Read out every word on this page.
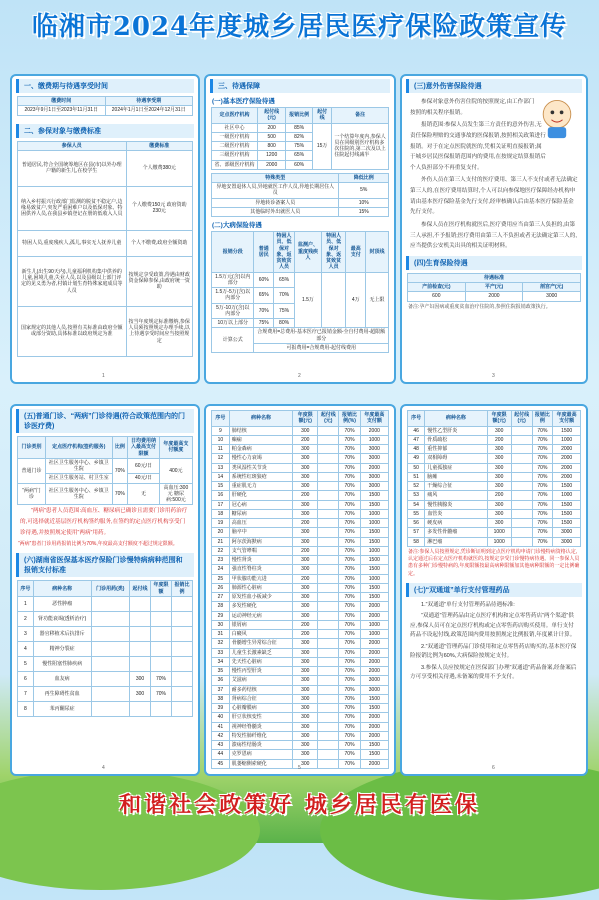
临湘市2024年度城乡居民医疗保险政策宣传
一、缴费期与待遇享受时间
缴费时间	待遇享受期
2023年9月1日至2023年11月31日	2024年1月1日至2024年12月31日
二、参保对象与缴费标准
参保人员	缴费标准
普通居民,符合全国统筹地区在县(市)以外办理户籍的新生儿,在校学生	个人缴费380元
纳入乡村振兴行政部门监测的脱贫不稳定户,边缘易致贫户,突发严重困难户以及低保对象、特困供养人员,在我县乡镇登记在册的低收入人员	个人缴费150元 政府资助230元
特困人员,重度残疾人,孤儿,事实无人抚养儿童	个人不缴费,政府全额资助
新生儿(出生90天内),儿童福利机构集中供养的儿童,困境儿童,失业人员,以及县级以上部门评定的见义勇为者,村镇计划生育特殊家庭成员等人员	按规定享受政策,待遇由财政资金保障参保,由政府统一资助
国家规定的其他人员,按照有关标准由政府全额或部分资助,具体标准以政府规定为准	按当年度规定标准缴纳,参保人员须按照规定办理手续,以上待遇享受时间应当按照规定
1
三、待遇保障
(一)基本医疗保险待遇
定点医疗机构	起付线(元)	报销比例	起付线	备注
社区中心	200	85%	15万	一个结算年度内,参保人员在同级别医疗机构多次住院的,第二次及以上住院起付线减半
一级医疗机构	500	82%		
二级医疗机构	800	75%		
三级医疗机构	1200	65%		
省、部级医疗机构	2000	60%		
特殊类型	降低比例
异地安置退休人员,异地就医工作人员,异地长期居住人员	5%
异地转诊备案人员	10%
其他临时外出就医人员	15%
(二)大病保险待遇
报销分段	普通居民	特困人员、低保对象、返贫致贫人员	监测户、重度残疾人	特困人员、低保对象、返贫致贫人员	最高支付	封顶线
1.5万元(含)以内部分	60%	65%	1.5万		4万	无上限
1.5万-5万(含)以内部分	65%	70%				
5万-10万(含)以内部分	70%	75%				
10万以上部分	75%	80%				
计算公式	合规费用=总费用-基本医疗已报销金额-全自付费用-超限额部分					
	可报费用=合规费用-起付线费用					
2
(三)意外伤害保险待遇
参保对象意外伤害住院的按照规定,由工作部门按照的相关程序报销。
报销范围:参保人员发生第三方责任的意外伤害,无责任保险理赔的交通事故的医保报销,按照相关政策进行报销。对于在定点医院就医的,凭相关证明直接报销;属于城乡居民医保报销范围内的费用,在按规定结算报销后个人负担部分不再重复支付。
外伤人员在第三人支付的医疗费用、第三人不支付或者无法确定第三人的,在医疗费用结算时,个人可以向参保地医疗保障经办机构申请由基本医疗保险基金先行支付,经审核确认后由基本医疗保险基金先行支付。
参保人员在医疗机构就医后,医疗费用应当由第三人负担的,由第三人承担,不予报销;医疗费用由第三人不负担或者无法确定第三人的,应当提供公安机关出具的相关证明材料。
(四)生育保险待遇
待遇标准		
产前检查(元)	平产(元)	剖宫产(元)
600	2000	3000
备注:孕产妇因病或重度贫血治疗住院的,参照住院报销政策执行。
3
(五)普通门诊、“两病”门诊待遇(符合政策范围内的门诊医疗费)
门诊类别	定点医疗机构(签约服务)	比例	日均费用纳入最高支付限额	年度最高支付额度
普通门诊	社区卫生服务中心、乡镇卫生院	70%	60元/日	400元
	社区卫生服务站、村卫生室		40元/日	
“两病”门诊	社区卫生服务中心、乡镇卫生院	70%	无	高血压:300元 糖尿病:500元
“两病”患者人员范围:高血压、糖尿病已确诊且需要门诊用药治疗的,可选择就近基层医疗机构签约服务,在签约的定点医疗机构享受门诊待遇,并按照规定使用“两病”用药。
“两病”患者门诊用药报销比例为70%,年度最高支付额度不超过规定限额。
(六)湖南省医保基本医疗保险门诊慢特病病种范围和报销支付标准
序号	病种名称	门诊用药(类)	起付线	年度限额	报销比例
1	恶性肿瘤				
2	肾功能衰竭(透析治疗)				
3	器官移植术后抗排斥				
4	精神分裂症				
5	慢性阻塞性肺疾病				
6	血友病		300	70%	
7	再生障碍性贫血		300	70%	
8	苯丙酮尿症				
4
序号	病种名称	年度限额(元)	起付线(元)	报销比例(%)	年度最高支付额
9	肺结核	300		70%	2000
10	癫痫	200		70%	1000
11	帕金森病	300		70%	3000
12	慢性心力衰竭	300		70%	3000
13	类风湿性关节炎	300		70%	2000
14	系统性红斑狼疮	300		70%	3000
15	重症肌无力	300		70%	3000
16	肝硬化	200		70%	1500
17	冠心病	300		70%	1500
18	糖尿病	300		70%	1000
19	高血压	200		70%	1000
20	脑卒中	300		70%	1500
21	阿尔茨海默病	300		70%	1500
22	支气管哮喘	200		70%	1000
23	慢性肾炎	300		70%	1500
24	强直性脊柱炎	300		70%	1500
25	甲状腺功能亢进	200		70%	1000
26	肺源性心脏病	300		70%	1500
27	原发性血小板减少	300		70%	1500
28	多发性硬化	300		70%	2000
29	运动神经元病	300		70%	2000
30	银屑病	200		70%	1000
31	白癜风	200		70%	1000
32	骨髓增生异常综合征	300		70%	2000
33	儿童生长激素缺乏	300		70%	2000
34	先天性心脏病	300		70%	2000
35	慢性丙型肝炎	300		70%	2000
36	艾滋病	300		70%	3000
37	耐多药结核	300		70%	3000
38	肾病综合征	300		70%	1500
39	心脏瓣膜病	300		70%	1500
40	肝豆状核变性	300		70%	2000
41	视神经脊髓炎	300		70%	2000
42	特发性肺纤维化	300		70%	2000
43	溃疡性结肠炎	300		70%	1500
44	克罗恩病	300		70%	1500
45	肌萎缩侧索硬化	300		70%	2000
5
序号	病种名称	年度限额(元)	起付线(元)	报销比例	年度最高支付额
46	慢性乙型肝炎	300		70%	1500
47	骨质疏松	200		70%	1000
48	重性抑郁	300		70%	2000
49	双相障碍	300		70%	2000
50	儿童孤独症	300		70%	2000
51	脑瘫	300		70%	2000
52	干燥综合征	300		70%	1500
53	痛风	200		70%	1000
54	慢性胰腺炎	300		70%	1500
55	血管炎	300		70%	1500
56	硬皮病	300		70%	1500
57	多发性骨髓瘤	1000		70%	3000
58	淋巴瘤	1000		70%	3000
备注:参保人员按照规定,凭诊断证明到定点医疗机构申请门诊慢特病资格认定,认定通过后在定点医疗机构就医的,按规定享受门诊慢特病待遇。同一参保人员患有多种门诊慢特病的,年度限额按最高病种限额加其他病种限额的一定比例确定。
(七)“双通道”单行支付管理药品
1.“双通道”单行支付管理药品待遇标准:
“双通道”管理药品由定点医疗机构和定点零售药店“两个渠道”供应,参保人员可在定点医疗机构或定点零售药店购买使用。单行支付药品不设起付线,政策范围内费用按照规定比例报销,年度累计计算。
2.“双通道”管理药品门诊使用和定点零售药店购买的,基本医疗保险报销比例为60%,大病保险按规定支付。
3.参保人员应按规定在医保部门办理“双通道”药品备案,经备案后方可享受相关待遇,未备案的费用不予支付。
6
和谐社会政策好 城乡居民有医保
